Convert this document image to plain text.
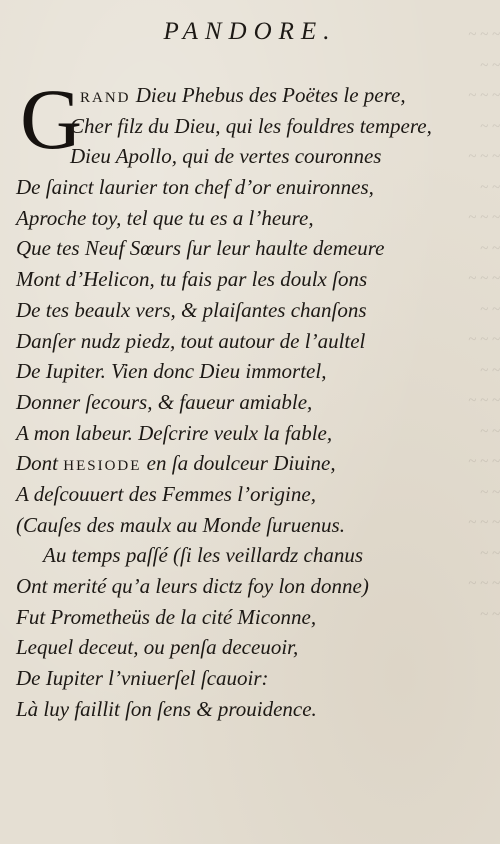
~ ~ ~
~ ~
~ ~ ~
~ ~
~ ~ ~
~ ~
~ ~ ~
~ ~
~ ~ ~
~ ~
~ ~ ~
~ ~
~ ~ ~
~ ~
~ ~ ~
~ ~
~ ~ ~
~ ~
~ ~ ~
~ ~
PANDORE.
G
RAND Dieu Phebus des Poëtes le pere,
Cher filz du Dieu, qui les fouldres tempere,
Dieu Apollo, qui de vertes couronnes
De ſainct laurier ton chef d’or enuironnes,
Aproche toy, tel que tu es a l’heure,
Que tes Neuf Sœurs ſur leur haulte demeure
Mont d’Helicon, tu fais par les doulx ſons
De tes beaulx vers, & plaiſantes chanſons
Danſer nudz piedz, tout autour de l’aultel
De Iupiter. Vien donc Dieu immortel,
Donner ſecours, & faueur amiable,
A mon labeur. Deſcrire veulx la fable,
Dont HESIODE en ſa doulceur Diuine,
A deſcouuert des Femmes l’origine,
(Cauſes des maulx au Monde ſuruenus.
Au temps paſſé (ſi les veillardz chanus
Ont merité qu’a leurs dictz foy lon donne)
Fut Prometheüs de la cité Miconne,
Lequel deceut, ou penſa deceuoir,
De Iupiter l’vniuerſel ſcauoir:
Là luy faillit ſon ſens & prouidence.
